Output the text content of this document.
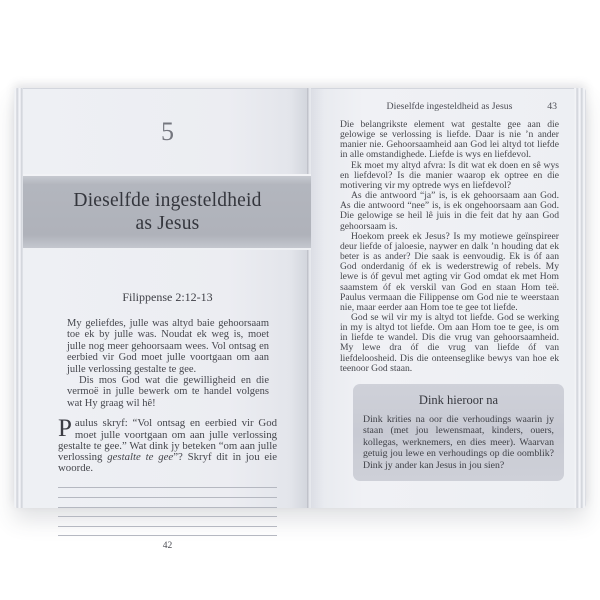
5
Dieselfde ingesteldheid
as Jesus
Filippense 2:12-13

My geliefdes, julle was altyd baie gehoorsaam toe ek by julle was. Noudat ek weg is, moet julle nog meer gehoorsaam wees. Vol ontsag en eerbied vir God moet julle voortgaan om aan julle verlossing gestalte te gee.

Dis mos God wat die gewilligheid en die vermoë in julle bewerk om te handel volgens wat Hy graag wil hê!

Paulus skryf: “Vol ontsag en eerbied vir God moet julle voortgaan om aan julle verlossing gestalte te gee.” Wat dink jy beteken “om aan julle verlossing gestalte te gee”? Skryf dit in jou eie woorde.
42
Dieselfde ingesteldheid as Jesus	43

Die belangrikste element wat gestalte gee aan die gelowige se verlossing is liefde. Daar is nie ’n ander manier nie. Gehoorsaamheid aan God lei altyd tot liefde in alle omstandighede. Liefde is wys en liefdevol.

Ek moet my altyd afvra: Is dit wat ek doen en sê wys en liefdevol? Is die manier waarop ek optree en die motivering vir my optrede wys en liefdevol?

As die antwoord “ja” is, is ek gehoorsaam aan God. As die antwoord “nee” is, is ek ongehoorsaam aan God. Die gelowige se heil lê juis in die feit dat hy aan God gehoorsaam is.

Hoekom preek ek Jesus? Is my motiewe geïnspireer deur liefde of jaloesie, naywer en dalk ’n houding dat ek beter is as ander? Die saak is eenvoudig. Ek is óf aan God onderdanig óf ek is wederstrewig of rebels. My lewe is óf gevul met agting vir God omdat ek met Hom saamstem óf ek verskil van God en staan Hom teë. Paulus vermaan die Filippense om God nie te weerstaan nie, maar eerder aan Hom toe te gee tot liefde.

God se wil vir my is altyd tot liefde. God se werking in my is altyd tot liefde. Om aan Hom toe te gee, is om in liefde te wandel. Dis die vrug van gehoorsaamheid. My lewe dra óf die vrug van liefde óf van liefdeloosheid. Dis die onteenseglike bewys van hoe ek teenoor God staan.

Dink hieroor na

Dink krities na oor die verhoudings waarin jy staan (met jou lewensmaat, kinders, ouers, kollegas, werknemers, en dies meer). Waarvan getuig jou lewe en verhoudings op die oomblik? Dink jy ander kan Jesus in jou sien?
